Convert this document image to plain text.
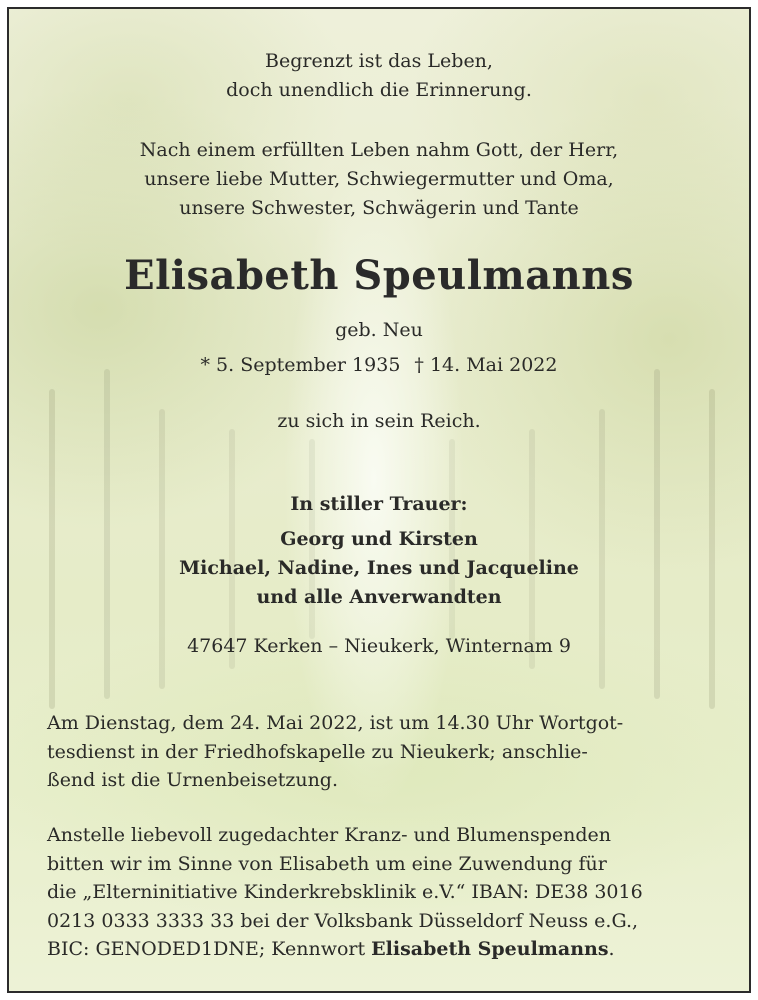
Begrenzt ist das Leben,
doch unendlich die Erinnerung.
Nach einem erfüllten Leben nahm Gott, der Herr,
unsere liebe Mutter, Schwiegermutter und Oma,
unsere Schwester, Schwägerin und Tante
Elisabeth Speulmanns
geb. Neu
* 5. September 1935 † 14. Mai 2022
zu sich in sein Reich.
In stiller Trauer:
Georg und Kirsten
Michael, Nadine, Ines und Jacqueline
und alle Anverwandten
47647 Kerken – Nieukerk, Winternam 9
Am Dienstag, dem 24. Mai 2022, ist um 14.30 Uhr Wortgot-
tesdienst in der Friedhofskapelle zu Nieukerk; anschlie-
ßend ist die Urnenbeisetzung.
Anstelle liebevoll zugedachter Kranz- und Blumenspenden
bitten wir im Sinne von Elisabeth um eine Zuwendung für
die „Elterninitiative Kinderkrebsklinik e.V.“ IBAN: DE38 3016
0213 0333 3333 33 bei der Volksbank Düsseldorf Neuss e.G.,
BIC: GENODED1DNE; Kennwort Elisabeth Speulmanns.
